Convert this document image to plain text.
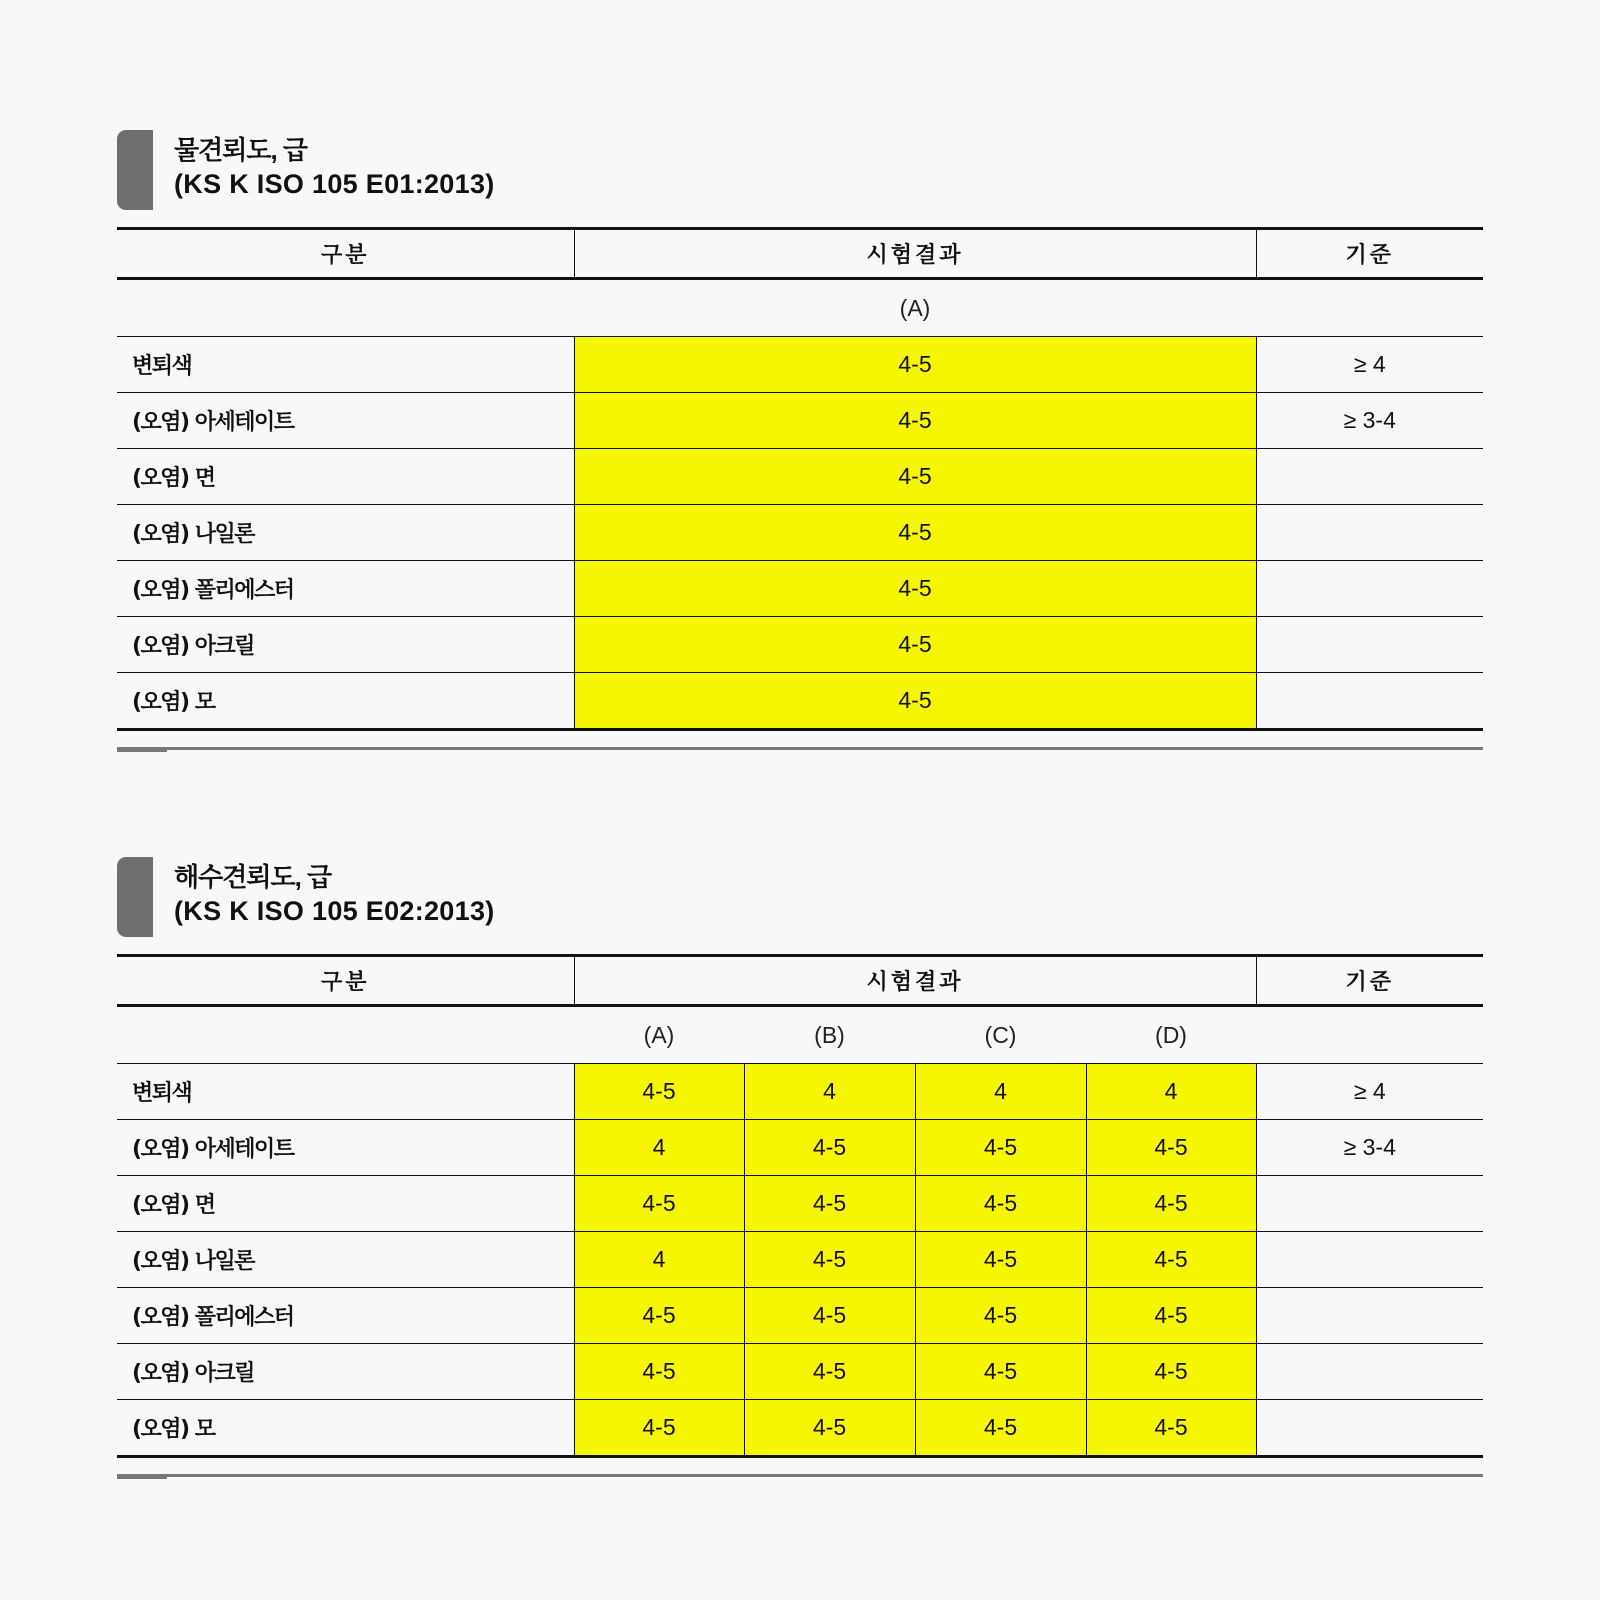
물견뢰도, 급
(KS K ISO 105 E01:2013)
구분	시험결과	기준
	(A)	
변퇴색	4-5	≥ 4
(오염) 아세테이트	4-5	≥ 3-4
(오염) 면	4-5	
(오염) 나일론	4-5	
(오염) 폴리에스터	4-5	
(오염) 아크릴	4-5	
(오염) 모	4-5	
해수견뢰도, 급
(KS K ISO 105 E02:2013)
구분	시험결과				기준
	(A)	(B)	(C)	(D)	
변퇴색	4-5	4	4	4	≥ 4
(오염) 아세테이트	4	4-5	4-5	4-5	≥ 3-4
(오염) 면	4-5	4-5	4-5	4-5	
(오염) 나일론	4	4-5	4-5	4-5	
(오염) 폴리에스터	4-5	4-5	4-5	4-5	
(오염) 아크릴	4-5	4-5	4-5	4-5	
(오염) 모	4-5	4-5	4-5	4-5	
